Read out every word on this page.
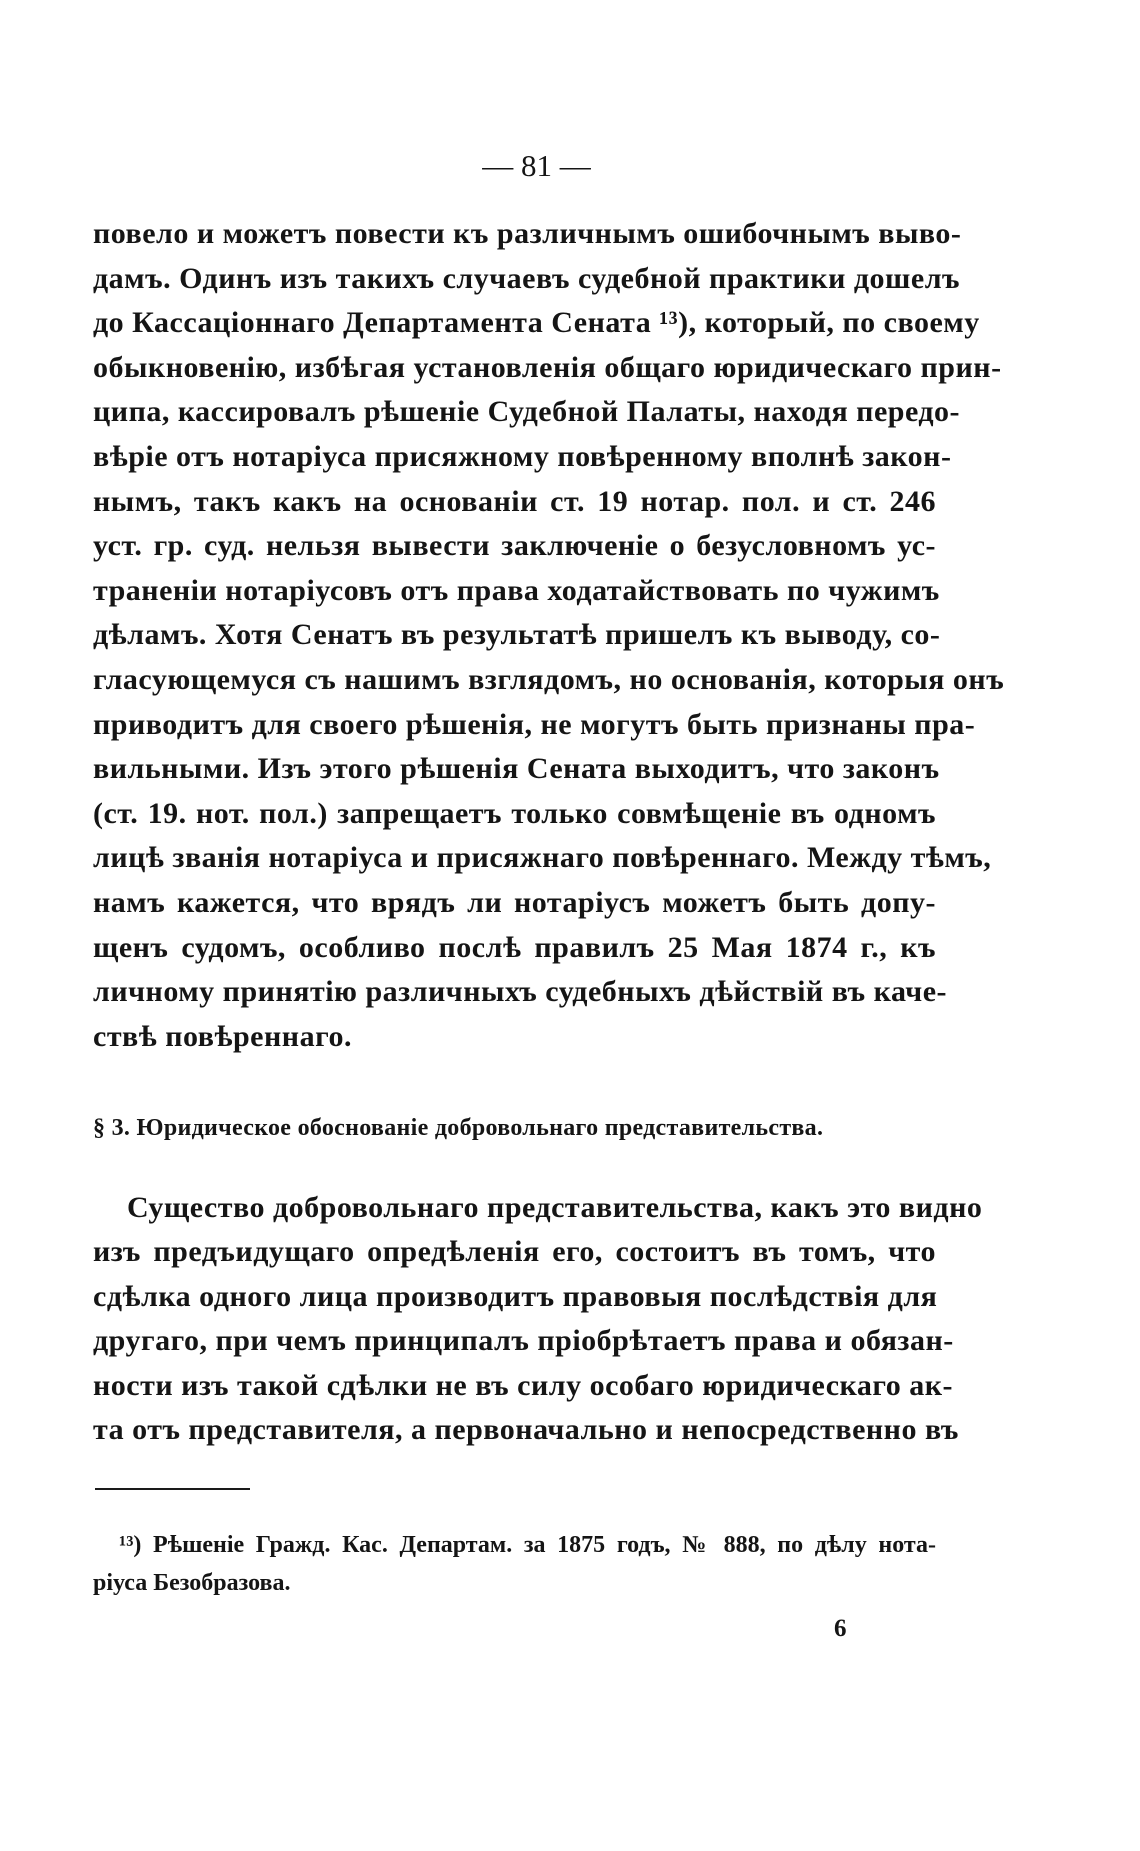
— 81 —
повело и можетъ повести къ различнымъ ошибочнымъ выво-
дамъ. Одинъ изъ такихъ случаевъ судебной практики дошелъ
до Кассаціоннаго Департамента Сената ¹³), который, по своему
обыкновенію, избѣгая установленія общаго юридическаго прин-
ципа, кассировалъ рѣшеніе Судебной Палаты, находя передо-
вѣріе отъ нотаріуса присяжному повѣренному вполнѣ закон-
нымъ, такъ какъ на основаніи ст. 19 нотар. пол. и ст. 246
уст. гр. суд. нельзя вывести заключеніе о безусловномъ ус-
траненіи нотаріусовъ отъ права ходатайствовать по чужимъ
дѣламъ. Хотя Сенатъ въ результатѣ пришелъ къ выводу, со-
гласующемуся съ нашимъ взглядомъ, но основанія, которыя онъ
приводитъ для своего рѣшенія, не могутъ быть признаны пра-
вильными. Изъ этого рѣшенія Сената выходитъ, что законъ
(ст. 19. нот. пол.) запрещаетъ только совмѣщеніе въ одномъ
лицѣ званія нотаріуса и присяжнаго повѣреннаго. Между тѣмъ,
намъ кажется, что врядъ ли нотаріусъ можетъ быть допу-
щенъ судомъ, особливо послѣ правилъ 25 Мая 1874 г., къ
личному принятію различныхъ судебныхъ дѣйствій въ каче-
ствѣ повѣреннаго.
§ 3. Юридическое обоснованіе добровольнаго представительства.
Существо добровольнаго представительства, какъ это видно
изъ предъидущаго опредѣленія его, состоитъ въ томъ, что
сдѣлка одного лица производитъ правовыя послѣдствія для
другаго, при чемъ принципалъ пріобрѣтаетъ права и обязан-
ности изъ такой сдѣлки не въ силу особаго юридическаго ак-
та отъ представителя, а первоначально и непосредственно въ
¹³) Рѣшеніе Гражд. Кас. Департам. за 1875 годъ, № 888, по дѣлу нота-
ріуса Безобразова.
6
